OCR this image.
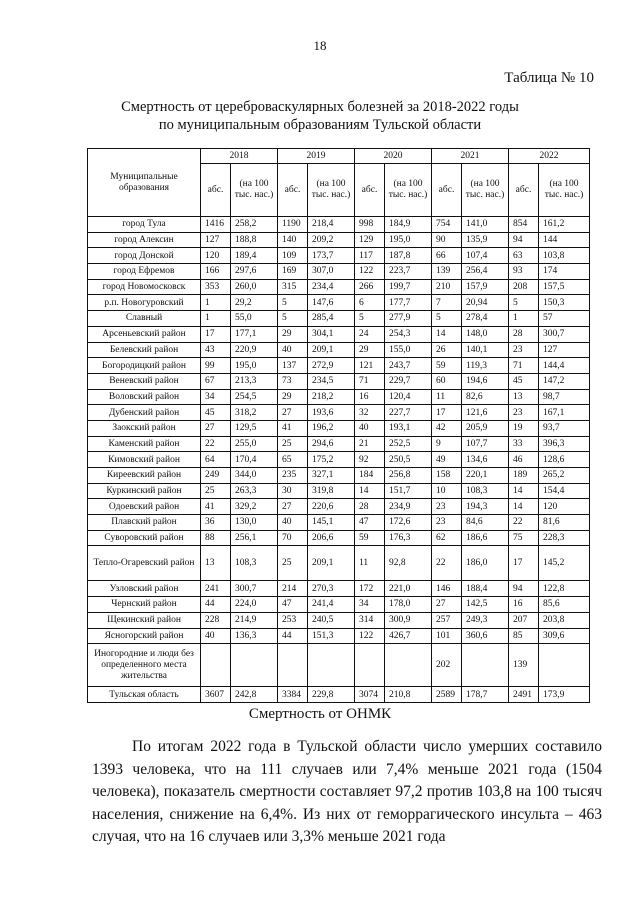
18
Таблица № 10
Смертность от цереброваскулярных болезней за 2018-2022 годы
по муниципальным образованиям Тульской области
Муниципальные образования	2018		2019		2020		2021		2022	
	абс.	(на 100 тыс. нас.)	абс.	(на 100 тыс. нас.)	абс.	(на 100 тыс. нас.)	абс.	(на 100 тыс. нас.)	абс.	(на 100 тыс. нас.)
город Тула	1416	258,2	1190	218,4	998	184,9	754	141,0	854	161,2
город Алексин	127	188,8	140	209,2	129	195,0	90	135,9	94	144
город Донской	120	189,4	109	173,7	117	187,8	66	107,4	63	103,8
город Ефремов	166	297,6	169	307,0	122	223,7	139	256,4	93	174
город Новомосковск	353	260,0	315	234,4	266	199,7	210	157,9	208	157,5
р.п. Новогуровский	1	29,2	5	147,6	6	177,7	7	20,94	5	150,3
Славный	1	55,0	5	285,4	5	277,9	5	278,4	1	57
Арсеньевский район	17	177,1	29	304,1	24	254,3	14	148,0	28	300,7
Белевский район	43	220,9	40	209,1	29	155,0	26	140,1	23	127
Богородицкий район	99	195,0	137	272,9	121	243,7	59	119,3	71	144,4
Веневский район	67	213,3	73	234,5	71	229,7	60	194,6	45	147,2
Воловский район	34	254,5	29	218,2	16	120,4	11	82,6	13	98,7
Дубенский район	45	318,2	27	193,6	32	227,7	17	121,6	23	167,1
Заокский район	27	129,5	41	196,2	40	193,1	42	205,9	19	93,7
Каменский район	22	255,0	25	294,6	21	252,5	9	107,7	33	396,3
Кимовский район	64	170,4	65	175,2	92	250,5	49	134,6	46	128,6
Киреевский район	249	344,0	235	327,1	184	256,8	158	220,1	189	265,2
Куркинский район	25	263,3	30	319,8	14	151,7	10	108,3	14	154,4
Одоевский район	41	329,2	27	220,6	28	234,9	23	194,3	14	120
Плавский район	36	130,0	40	145,1	47	172,6	23	84,6	22	81,6
Суворовский район	88	256,1	70	206,6	59	176,3	62	186,6	75	228,3
Тепло-Огаревский район	13	108,3	25	209,1	11	92,8	22	186,0	17	145,2
Узловский район	241	300,7	214	270,3	172	221,0	146	188,4	94	122,8
Чернский район	44	224,0	47	241,4	34	178,0	27	142,5	16	85,6
Щекинский район	228	214,9	253	240,5	314	300,9	257	249,3	207	203,8
Ясногорский район	40	136,3	44	151,3	122	426,7	101	360,6	85	309,6
Иногородние и люди без определенного места жительства							202		139	
Тульская область	3607	242,8	3384	229,8	3074	210,8	2589	178,7	2491	173,9
Смертность от ОНМК
По итогам 2022 года в Тульской области число умерших составило 1393 человека, что на 111 случаев или 7,4% меньше 2021 года (1504 человека), показатель смертности составляет 97,2 против 103,8 на 100 тысяч населения, снижение на 6,4%. Из них от геморрагического инсульта – 463 случая, что на 16 случаев или 3,3% меньше 2021 года
